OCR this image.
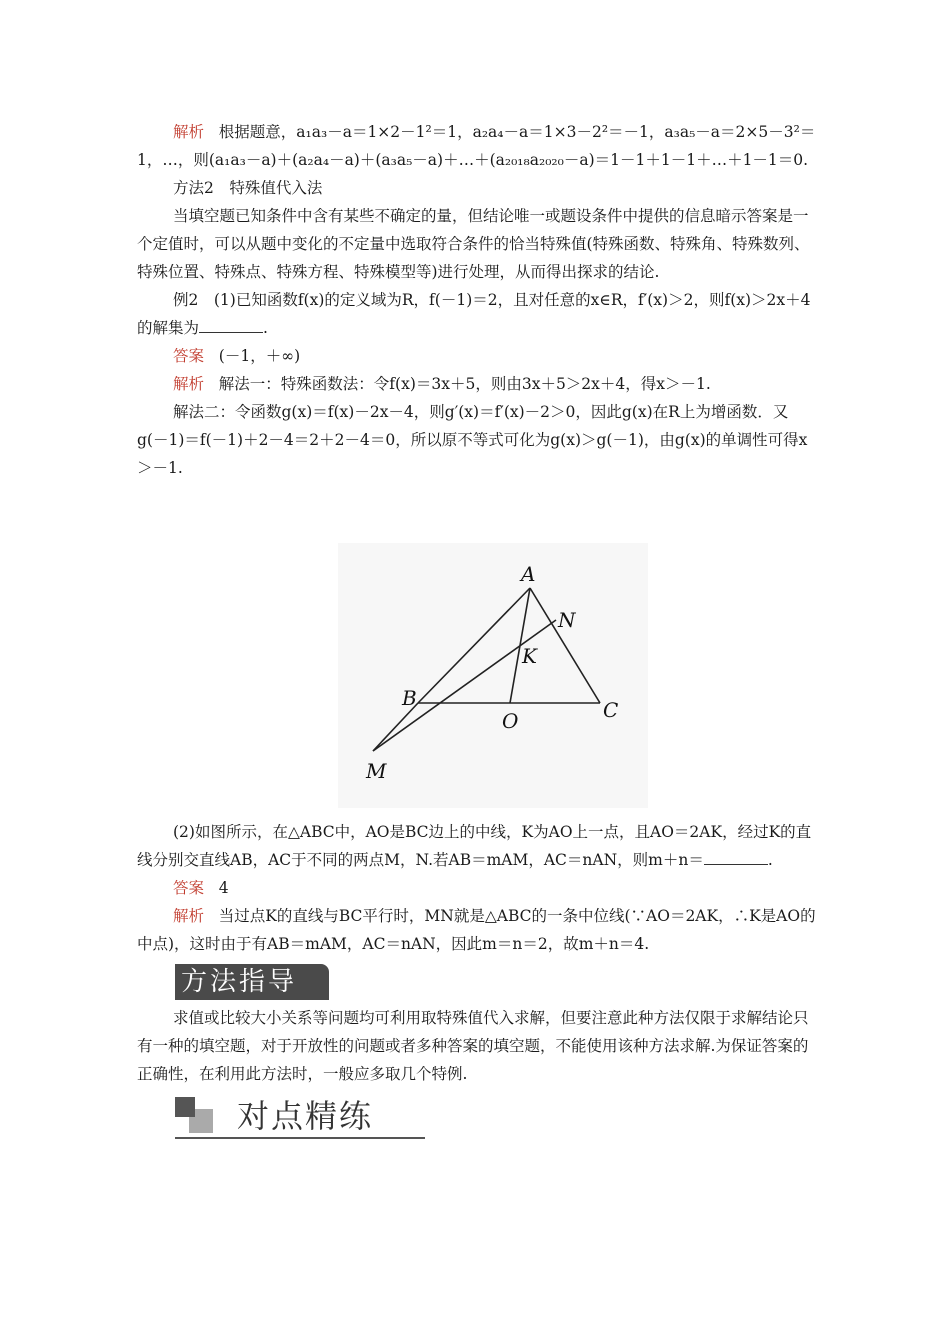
解析 根据题意，a₁a₃－a＝1×2－1²＝1，a₂a₄－a＝1×3－2²＝－1，a₃a₅－a＝2×5－3²＝1，…，则(a₁a₃－a)＋(a₂a₄－a)＋(a₃a₅－a)＋…＋(a₂₀₁₈a₂₀₂₀－a)＝1－1＋1－1＋…＋1－1＝0.

方法2　特殊值代入法

当填空题已知条件中含有某些不确定的量，但结论唯一或题设条件中提供的信息暗示答案是一个定值时，可以从题中变化的不定量中选取符合条件的恰当特殊值(特殊函数、特殊角、特殊数列、特殊位置、特殊点、特殊方程、特殊模型等)进行处理，从而得出探求的结论.

例2　(1)已知函数f(x)的定义域为R，f(－1)＝2，且对任意的x∈R，f′(x)＞2，则f(x)＞2x＋4的解集为	.

答案 (－1，＋∞)

解析 解法一：特殊函数法：令f(x)＝3x＋5，则由3x＋5＞2x＋4，得x＞－1.

解法二：令函数g(x)＝f(x)－2x－4，则g′(x)＝f′(x)－2＞0，因此g(x)在R上为增函数．又g(－1)＝f(－1)＋2－4＝2＋2－4＝0，所以原不等式可化为g(x)＞g(－1)，由g(x)的单调性可得x＞－1.

A
N
K
B	C
O
M

(2)如图所示，在△ABC中，AO是BC边上的中线，K为AO上一点，且AO＝2AK，经过K的直线分别交直线AB，AC于不同的两点M，N.若AB＝mAM，AC＝nAN，则m＋n＝	.

答案 4

解析 当过点K的直线与BC平行时，MN就是△ABC的一条中位线(∵AO＝2AK，∴K是AO的中点)，这时由于有AB＝mAM，AC＝nAN，因此m＝n＝2，故m＋n＝4.

方法指导

求值或比较大小关系等问题均可利用取特殊值代入求解，但要注意此种方法仅限于求解结论只有一种的填空题，对于开放性的问题或者多种答案的填空题，不能使用该种方法求解.为保证答案的正确性，在利用此方法时，一般应多取几个特例.

对点精练
